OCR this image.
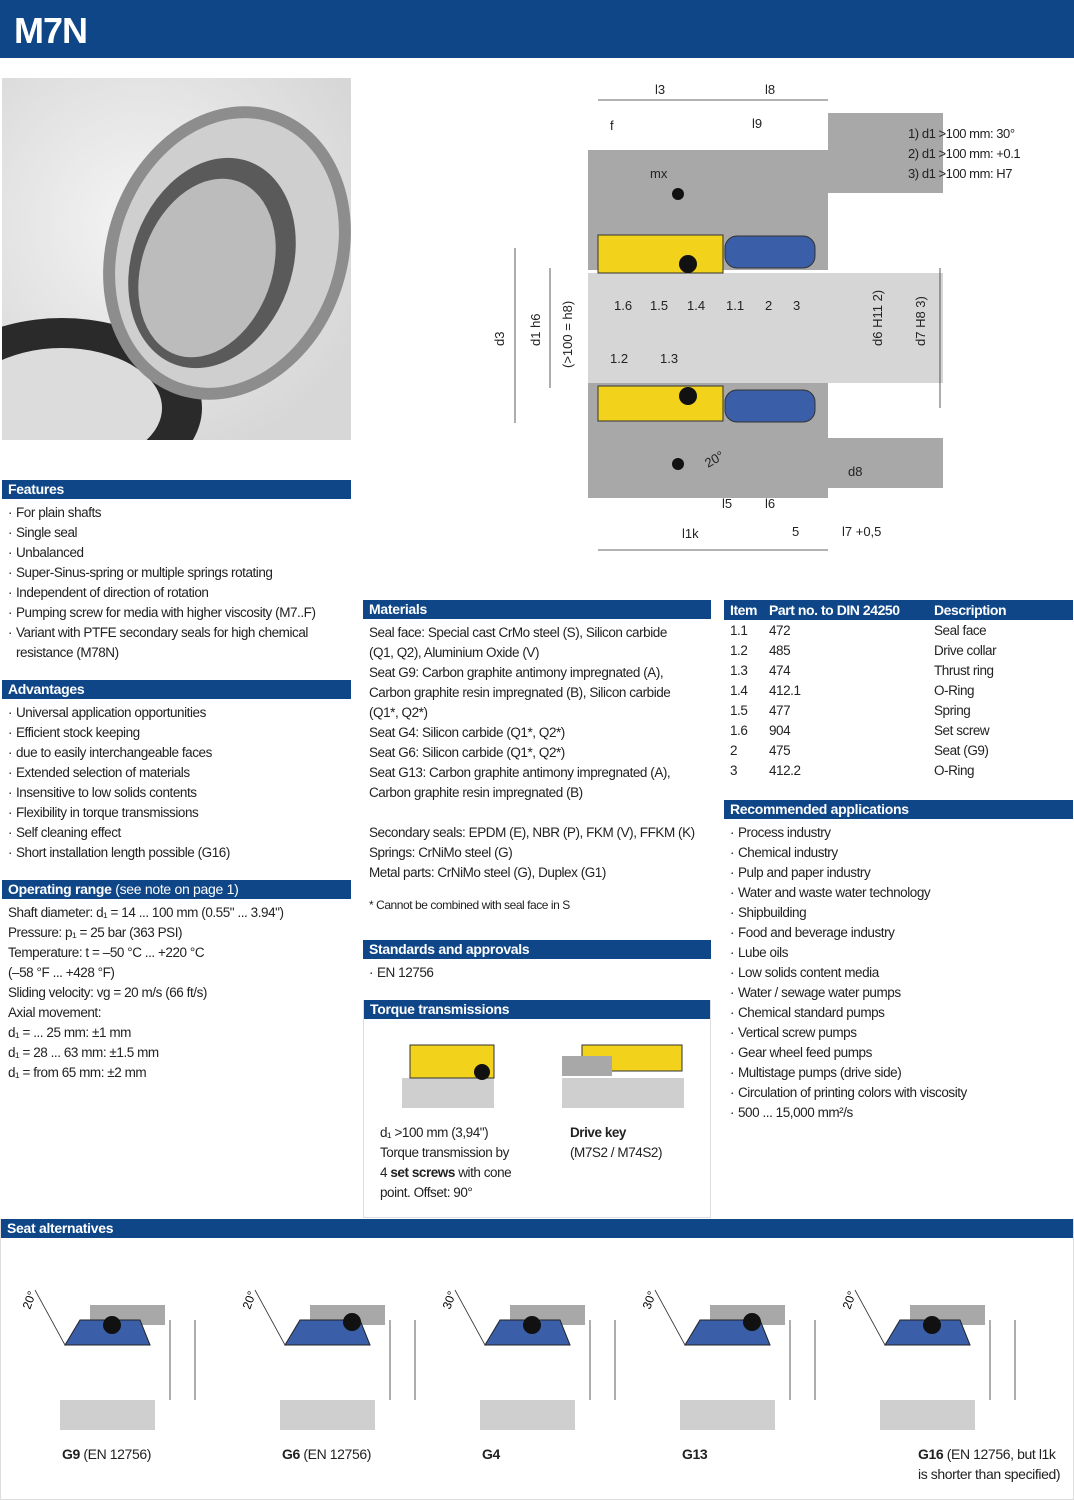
M7N
1.6 1.5 1.4 1.1 2 3
1.2 1.3
l3	l8
f	l9
mx
d8
l5	l6
l1k	5	l7 +0,5
20°
d3 d1 h6 (>100 = h8)	d6 H11 2) d7 H8 3)
1) d1 >100 mm: 30°
2) d1 >100 mm: +0.1
3) d1 >100 mm: H7
Features
· For plain shafts
· Single seal
· Unbalanced
· Super-Sinus-spring or multiple springs rotating
· Independent of direction of rotation
· Pumping screw for media with higher viscosity (M7..F)
· Variant with PTFE secondary seals for high chemical resistance (M78N)
Advantages
· Universal application opportunities
· Efficient stock keeping
· due to easily interchangeable faces
· Extended selection of materials
· Insensitive to low solids contents
· Flexibility in torque transmissions
· Self cleaning effect
· Short installation length possible (G16)
Operating range (see note on page 1)
Shaft diameter: d₁ = 14 ... 100 mm (0.55" ... 3.94")
Pressure: p₁ = 25 bar (363 PSI)
Temperature: t = –50 °C ... +220 °C
(–58 °F ... +428 °F)
Sliding velocity: vg = 20 m/s (66 ft/s)
Axial movement:
d₁ = ... 25 mm: ±1 mm
d₁ = 28 ... 63 mm: ±1.5 mm
d₁ = from 65 mm: ±2 mm
Materials
Seal face: Special cast CrMo steel (S), Silicon carbide
(Q1, Q2), Aluminium Oxide (V)
Seat G9: Carbon graphite antimony impregnated (A),
Carbon graphite resin impregnated (B), Silicon carbide
(Q1*, Q2*)
Seat G4: Silicon carbide (Q1*, Q2*)
Seat G6: Silicon carbide (Q1*, Q2*)
Seat G13: Carbon graphite antimony impregnated (A),
Carbon graphite resin impregnated (B)
Secondary seals: EPDM (E), NBR (P), FKM (V), FFKM (K)
Springs: CrNiMo steel (G)
Metal parts: CrNiMo steel (G), Duplex (G1)
* Cannot be combined with seal face in S
Standards and approvals
· EN 12756
Torque transmissions
d₁ >100 mm (3,94")
Torque transmission by
4 set screws with cone
point. Offset: 90°
Drive key
(M7S2 / M74S2)
Item	Part no. to DIN 24250	Description
1.1	472	Seal face
1.2	485	Drive collar
1.3	474	Thrust ring
1.4	412.1	O-Ring
1.5	477	Spring
1.6	904	Set screw
2	475	Seat (G9)
3	412.2	O-Ring
Recommended applications
· Process industry
· Chemical industry
· Pulp and paper industry
· Water and waste water technology
· Shipbuilding
· Food and beverage industry
· Lube oils
· Low solids content media
· Water / sewage water pumps
· Chemical standard pumps
· Vertical screw pumps
· Gear wheel feed pumps
· Multistage pumps (drive side)
· Circulation of printing colors with viscosity
· 500 ... 15,000 mm²/s
Seat alternatives
20°
G9 (EN 12756)
20°
G6 (EN 12756)
30°
G4
30°
G13
20°
G16 (EN 12756, but l1k
is shorter than specified)
